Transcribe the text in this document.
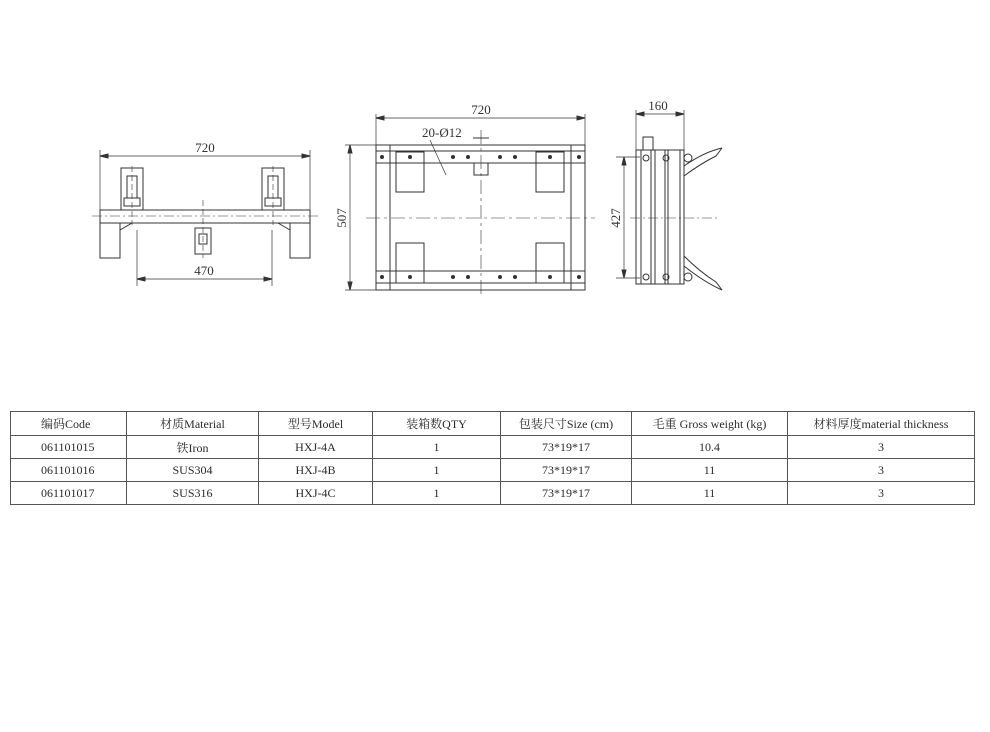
720
470
720
20-Ø12
507
160
427
编码Code	材质Material	型号Model	装箱数QTY	包装尺寸Size (cm)	毛重 Gross weight (kg)	材料厚度material thickness
061101015	铁Iron	HXJ-4A	1	73*19*17	10.4	3
061101016	SUS304	HXJ-4B	1	73*19*17	11	3
061101017	SUS316	HXJ-4C	1	73*19*17	11	3
